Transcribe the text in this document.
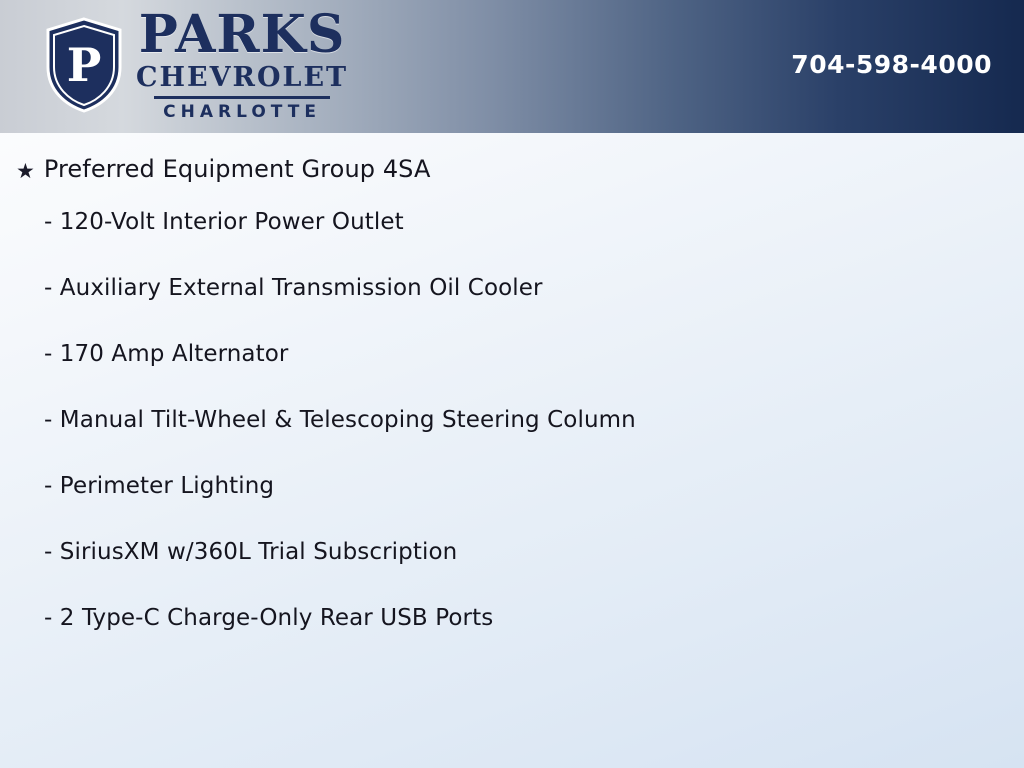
P PARKS
CHEVROLET
CHARLOTTE
704-598-4000
★ Preferred Equipment Group 4SA
- 120-Volt Interior Power Outlet
- Auxiliary External Transmission Oil Cooler
- 170 Amp Alternator
- Manual Tilt-Wheel & Telescoping Steering Column
- Perimeter Lighting
- SiriusXM w/360L Trial Subscription
- 2 Type-C Charge-Only Rear USB Ports
